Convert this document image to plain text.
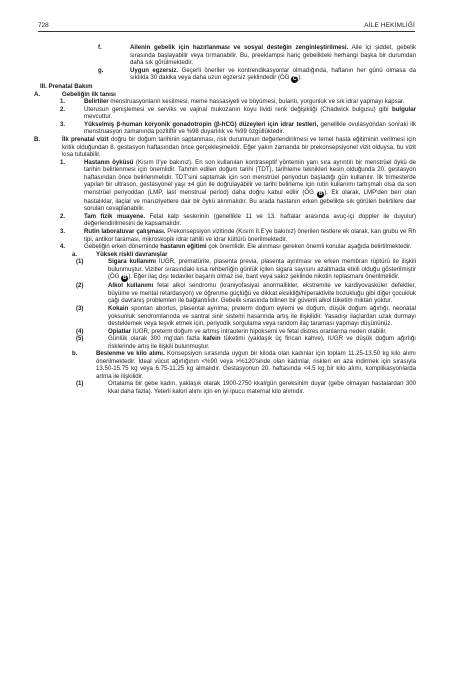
728	AİLE HEKİMLİĞİ

f.	Ailenin gebelik için hazırlanması ve sosyal desteğin zenginleştirilmesi. Aile içi şiddet, gebelik sırasında başlayabilir veya tırmanabilir. Bu, preeklampsi hariç gebelikteki herhangi başka bir durumdan daha sık görülmektedir.

g.	Uygun egzersiz. Geçerli öneriler ve kontrendikasyonlar olmadığında, haftanın her günü olmasa da sıklıkla 30 dakika veya daha uzun egzersiz şeklindedir (ÖG C ).

III. Prenatal Bakım

A.	Gebeliğin ilk tanısı

1.	Belirtiler menstruasyonların kesilmesi, meme hassasiyeti ve büyümesi, bulantı, yorgunluk ve sık idrar yapmayı kapsar.

2.	Uterusun genişlemesi ve serviks ve vajinal mukozanın koyu lividi renk değişikliği (Chadwick bulgusu) gibi bulgular mevcuttur.

3.	Yükselmiş β-human koryonik gonadotropin (β-hCG) düzeyleri için idrar testleri, genellikle ovulasyondan sonraki ilk menstruasyon zamanında pozitiftir ve %98 duyarlılık ve %99 özgüllüktedir.

B.	İlk prenatal vizit doğru bir doğum tarihinin saptanması, risk durumunun değerlendirilmesi ve temel hasta eğitiminin verilmesi için kritik olduğundan 8. gestasyon haftasından önce gerçekleşmelidir. Eğer yakın zamanda bir prekonsepsiyonel vizit olduysa, bu vizit kısa tutulabilir.

1.	Hastanın öyküsü (Kısım II'ye bakınız). En son kullanılan kontraseptif yöntemin yanı sıra ayrıntılı bir menstrüel öykü de tarihin belirlenmesi için önemlidir. Tahmin edilen doğum tarihi (TDT), tarihleme teknikleri kesin olduğunda 20. gestasyon haftasından önce belirlenmelidir. TDT'sini saptamak için son menstrüel periyodun başladığı gün kullanılır. İlk trimesterde yapılan bir ultrason, gestasyonel yaşı ±4 gün ile doğrulayabilir ve tarihi belirleme için rutin kullanımı tartışmalı olsa da son menstrüel periyoddan (LMP, last menstrual period) daha doğru kabul edilir (ÖG B ). Ek olarak, LMP'den beri olan hastalıklar, ilaçlar ve maruziyetlere dair bir öykü alınmalıdır. Bu arada hastanın erken gebelikte sık görülen belirtilere dair soruları cevaplanabilir.

2.	Tam fizik muayene. Fetal kalp seslerinin (genellikle 11 ve 13. haftalar arasında avuç-içi doppler ile duyulur) değerlendirilmesini de kapsamalıdır.

3.	Rutin laboratuvar çalışması. Prekonsepsiyon vizitinde (Kısım II.E'ye bakınız) önerilen testlere ek olarak, kan grubu ve Rh tipi, antikor taraması, mikroskopik idrar tahlili ve idrar kültürü önerilmektedir.

4.	Gebeliğin erken döneminde hastanın eğitimi çok önemlidir. Ele alınması gereken önemli konular aşağıda belirtilmektedir.

a.	Yüksek riskli davranışlar

(1)	Sigara kullanımı IUGR, prematürite, plasenta previa, plasenta ayrılması ve erken membran rüptürü ile ilişkili bulunmuştur. Vizitler sırasındaki kısa rehberliğin günlük içilen sigara sayısını azaltmada etkili olduğu gösterilmiştir (ÖG B ). Eğer ilaç dışı tedaviler başarılı olmaz ise, bant veya sakız şeklinde nikotin replasmanı önerilmelidir.

(2)	Alkol kullanımı fetal alkol sendromu (kraniyofasiyal anormallikler, ekstremite ve kardiyovasküler defektler, büyüme ve mental retardasyon) ve öğrenme güçlüğü ve dikkat eksikliği/hiperaktivite bozukluğu gibi diğer çocukluk çağı davranış problemleri ile bağlantılıdır. Gebelik sırasında bilinen bir güvenli alkol tüketim miktarı yoktur.

(3)	Kokain spontan abortus, plasental ayrılma, preterm doğum eylemi ve doğum, düşük doğum ağırlığı, neonatal yoksunluk sendromlarında ve santral sinir sistemi hasarında artış ile ilişkilidir. Yasadışı ilaçlardan uzak durmayı desteklemek veya teşvik etmek için, periyodik sorgulama veya random ilaç taraması yapmayı düşününüz.

(4)	Opiatlar IUGR, preterm doğum ve artmış intrauterin hipoksemi ve fetal distres oranlarına neden olabilir.

(5)	Günlük olarak 300 mg'dan fazla kafein tüketimi (yaklaşık üç fincan kahve), IUGR ve düşük doğum ağırlığı risklerinde artış ile ilişkili bulunmuştur.

b.	Beslenme ve kilo alımı. Konsepsiyon sırasında uygun bir kiloda olan kadınlar için toplam 11.25-13.50 kg kilo alımı önerilmektedir. İdeal vücut ağırlığının <%90 veya >%120'sinde olan kadınlar, riskleri en aza indirmek için sırasıyla 13.50-15.75 kg veya 6.75-11.25 kg almalıdır. Gestasyonun 20. haftasında <4.5 kg bir kilo alımı, komplikasyonlarda artma ile ilişkilidir.

(1)	Ortalama bir gebe kadın, yaklaşık olarak 1900-2750 kkal/gün gereksinim duyar (gebe olmayan hastalardan 300 kkal daha fazla). Yeterli kalori alımı için en iyi ipucu maternal kilo alımıdır.
